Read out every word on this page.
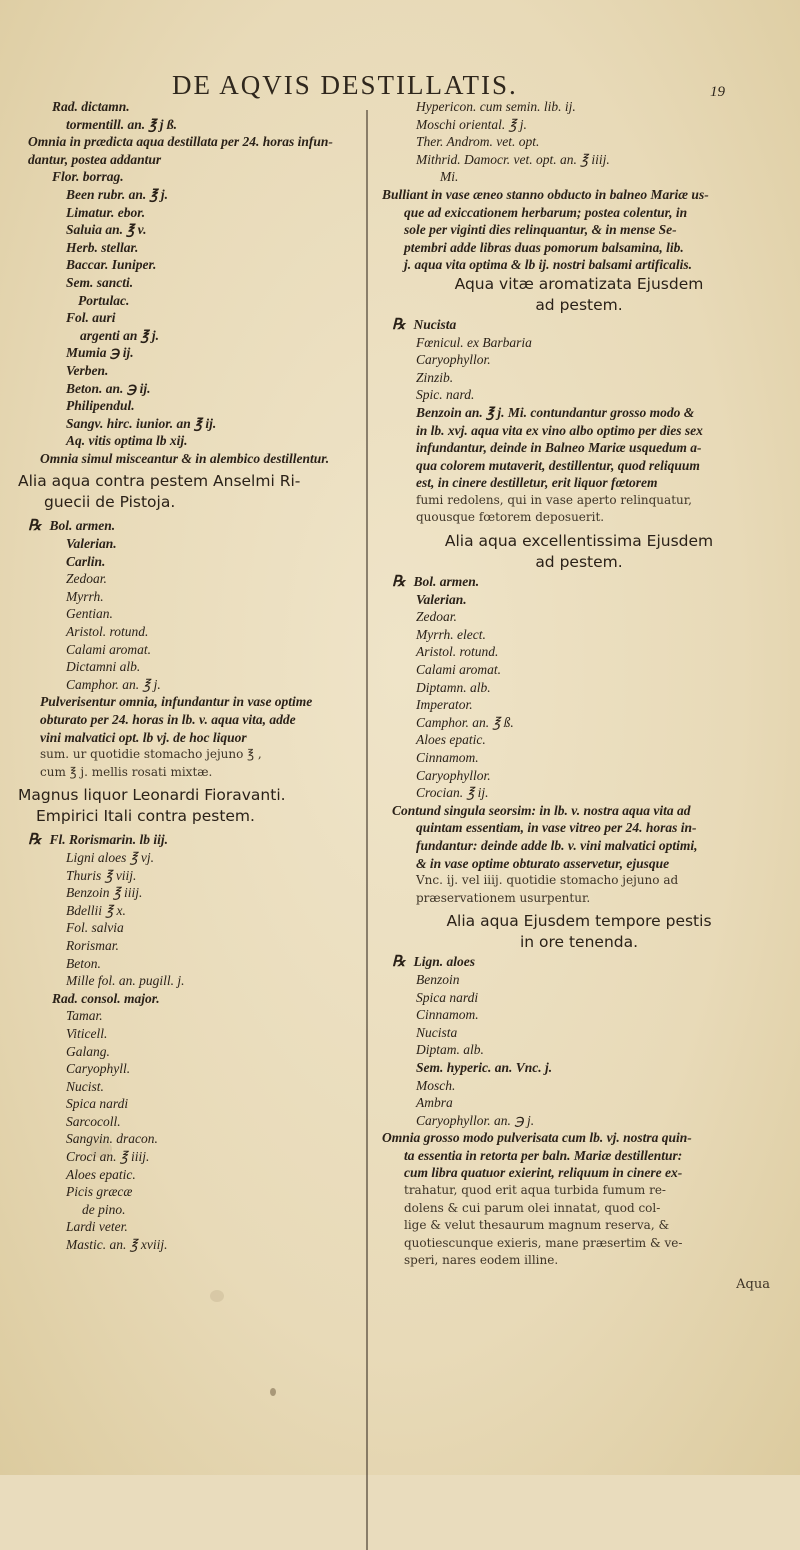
DE AQVIS DESTILLATIS.	19
Rad. dictamn.
tormentill. an. ℥ j ß.
Omnia in prædicta aqua destillata per 24. horas infun-
dantur, postea addantur
Flor. borrag.
Been rubr. an. ℥ j.
Limatur. ebor.
Saluia an. ℥ v.
Herb. stellar.
Baccar. Iuniper.
Sem. sancti.
Portulac.
Fol. auri
argenti an ℥ j.
Mumia ℈ ij.
Verben.
Beton. an. ℈ ij.
Philipendul.
Sangv. hirc. iunior. an ℥ ij.
Aq. vitis optima lb xij.
Omnia simul misceantur & in alembico destillentur.
Alia aqua contra pestem Anselmi Ri-
guecii de Pistoja.
℞ Bol. armen.
Valerian.
Carlin.
Zedoar.
Myrrh.
Gentian.
Aristol. rotund.
Calami aromat.
Dictamni alb.
Camphor. an. ℥ j.
Pulverisentur omnia, infundantur in vase optime
obturato per 24. horas in lb. v. aqua vita, adde
vini malvatici opt. lb vj. de hoc liquor
sum. ur quotidie stomacho jejuno ℥ ,
cum ℥ j. mellis rosati mixtæ.
Magnus liquor Leonardi Fioravanti.
Empirici Itali contra pestem.
℞ Fl. Rorismarin. lb iij.
Ligni aloes ℥ vj.
Thuris ℥ viij.
Benzoin ℥ iiij.
Bdellii ℥ x.
Fol. salvia
Rorismar.
Beton.
Mille fol. an. pugill. j.
Rad. consol. major.
Tamar.
Viticell.
Galang.
Caryophyll.
Nucist.
Spica nardi
Sarcocoll.
Sangvin. dracon.
Croci an. ℥ iiij.
Aloes epatic.
Picis græcæ
de pino.
Lardi veter.
Mastic. an. ℥ xviij.
Hypericon. cum semin. lib. ij.
Moschi oriental. ℥ j.
Ther. Androm. vet. opt.
Mithrid. Damocr. vet. opt. an. ℥ iiij.
Mi.
Bulliant in vase æneo stanno obducto in balneo Mariæ us-
que ad exiccationem herbarum; postea colentur, in
sole per viginti dies relinquantur, & in mense Se-
ptembri adde libras duas pomorum balsamina, lib.
j. aqua vita optima & lb ij. nostri balsami artificalis.
Aqua vitæ aromatizata Ejusdem
ad pestem.
℞ Nucista
Fœnicul. ex Barbaria
Caryophyllor.
Zinzib.
Spic. nard.
Benzoin an. ℥ j. Mi. contundantur grosso modo &
in lb. xvj. aqua vita ex vino albo optimo per dies sex
infundantur, deinde in Balneo Mariæ usquedum a-
qua colorem mutaverit, destillentur, quod reliquum
est, in cinere destilletur, erit liquor fœtorem
fumi redolens, qui in vase aperto relinquatur,
quousque fœtorem deposuerit.
Alia aqua excellentissima Ejusdem
ad pestem.
℞ Bol. armen.
Valerian.
Zedoar.
Myrrh. elect.
Aristol. rotund.
Calami aromat.
Diptamn. alb.
Imperator.
Camphor. an. ℥ ß.
Aloes epatic.
Cinnamom.
Caryophyllor.
Crocian. ℥ ij.
Contund singula seorsim: in lb. v. nostra aqua vita ad
quintam essentiam, in vase vitreo per 24. horas in-
fundantur: deinde adde lb. v. vini malvatici optimi,
& in vase optime obturato asservetur, ejusque
Vnc. ij. vel iiij. quotidie stomacho jejuno ad
præservationem usurpentur.
Alia aqua Ejusdem tempore pestis
in ore tenenda.
℞ Lign. aloes
Benzoin
Spica nardi
Cinnamom.
Nucista
Diptam. alb.
Sem. hyperic. an. Vnc. j.
Mosch.
Ambra
Caryophyllor. an. ℈ j.
Omnia grosso modo pulverisata cum lb. vj. nostra quin-
ta essentia in retorta per baln. Mariæ destillentur:
cum libra quatuor exierint, reliquum in cinere ex-
trahatur, quod erit aqua turbida fumum re-
dolens & cui parum olei innatat, quod col-
lige & velut thesaurum magnum reserva, &
quotiescunque exieris, mane præsertim & ve-
speri, nares eodem illine.
Aqua
